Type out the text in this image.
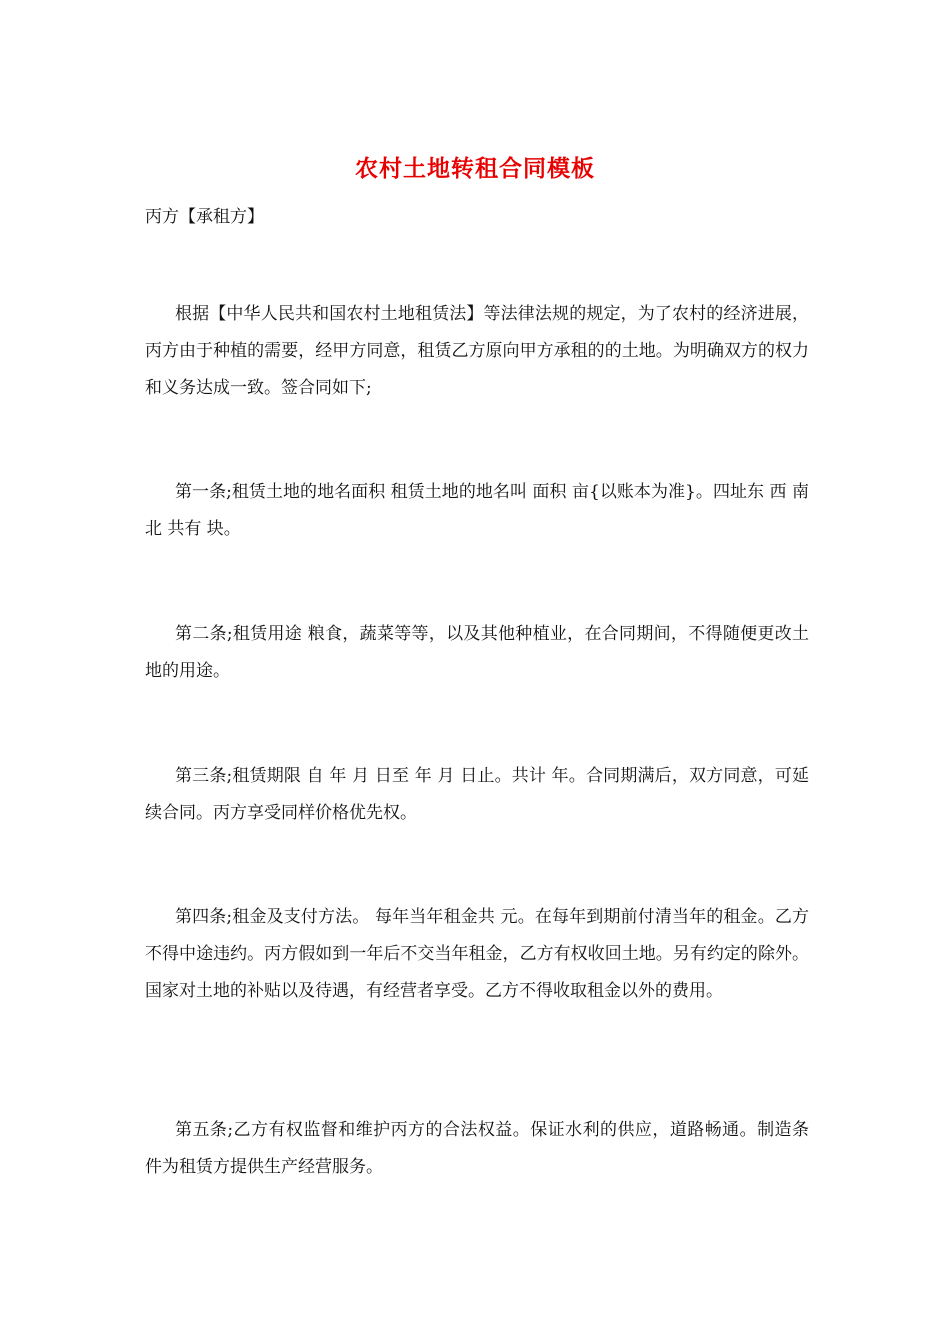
农村土地转租合同模板
丙方【承租方】

根据【中华人民共和国农村土地租赁法】等法律法规的规定，为了农村的经济进展，丙方由于种植的需要，经甲方同意，租赁乙方原向甲方承租的的土地。为明确双方的权力和义务达成一致。签合同如下;

第一条;租赁土地的地名面积 租赁土地的地名叫 面积 亩{以账本为准}。四址东 西 南 北 共有 块。

第二条;租赁用途 粮食，蔬菜等等，以及其他种植业，在合同期间，不得随便更改土地的用途。

第三条;租赁期限 自 年 月 日至 年 月 日止。共计 年。合同期满后，双方同意，可延续合同。丙方享受同样价格优先权。

第四条;租金及支付方法。 每年当年租金共 元。在每年到期前付清当年的租金。乙方不得中途违约。丙方假如到一年后不交当年租金，乙方有权收回土地。另有约定的除外。国家对土地的补贴以及待遇，有经营者享受。乙方不得收取租金以外的费用。

第五条;乙方有权监督和维护丙方的合法权益。保证水利的供应，道路畅通。制造条件为租赁方提供生产经营服务。
